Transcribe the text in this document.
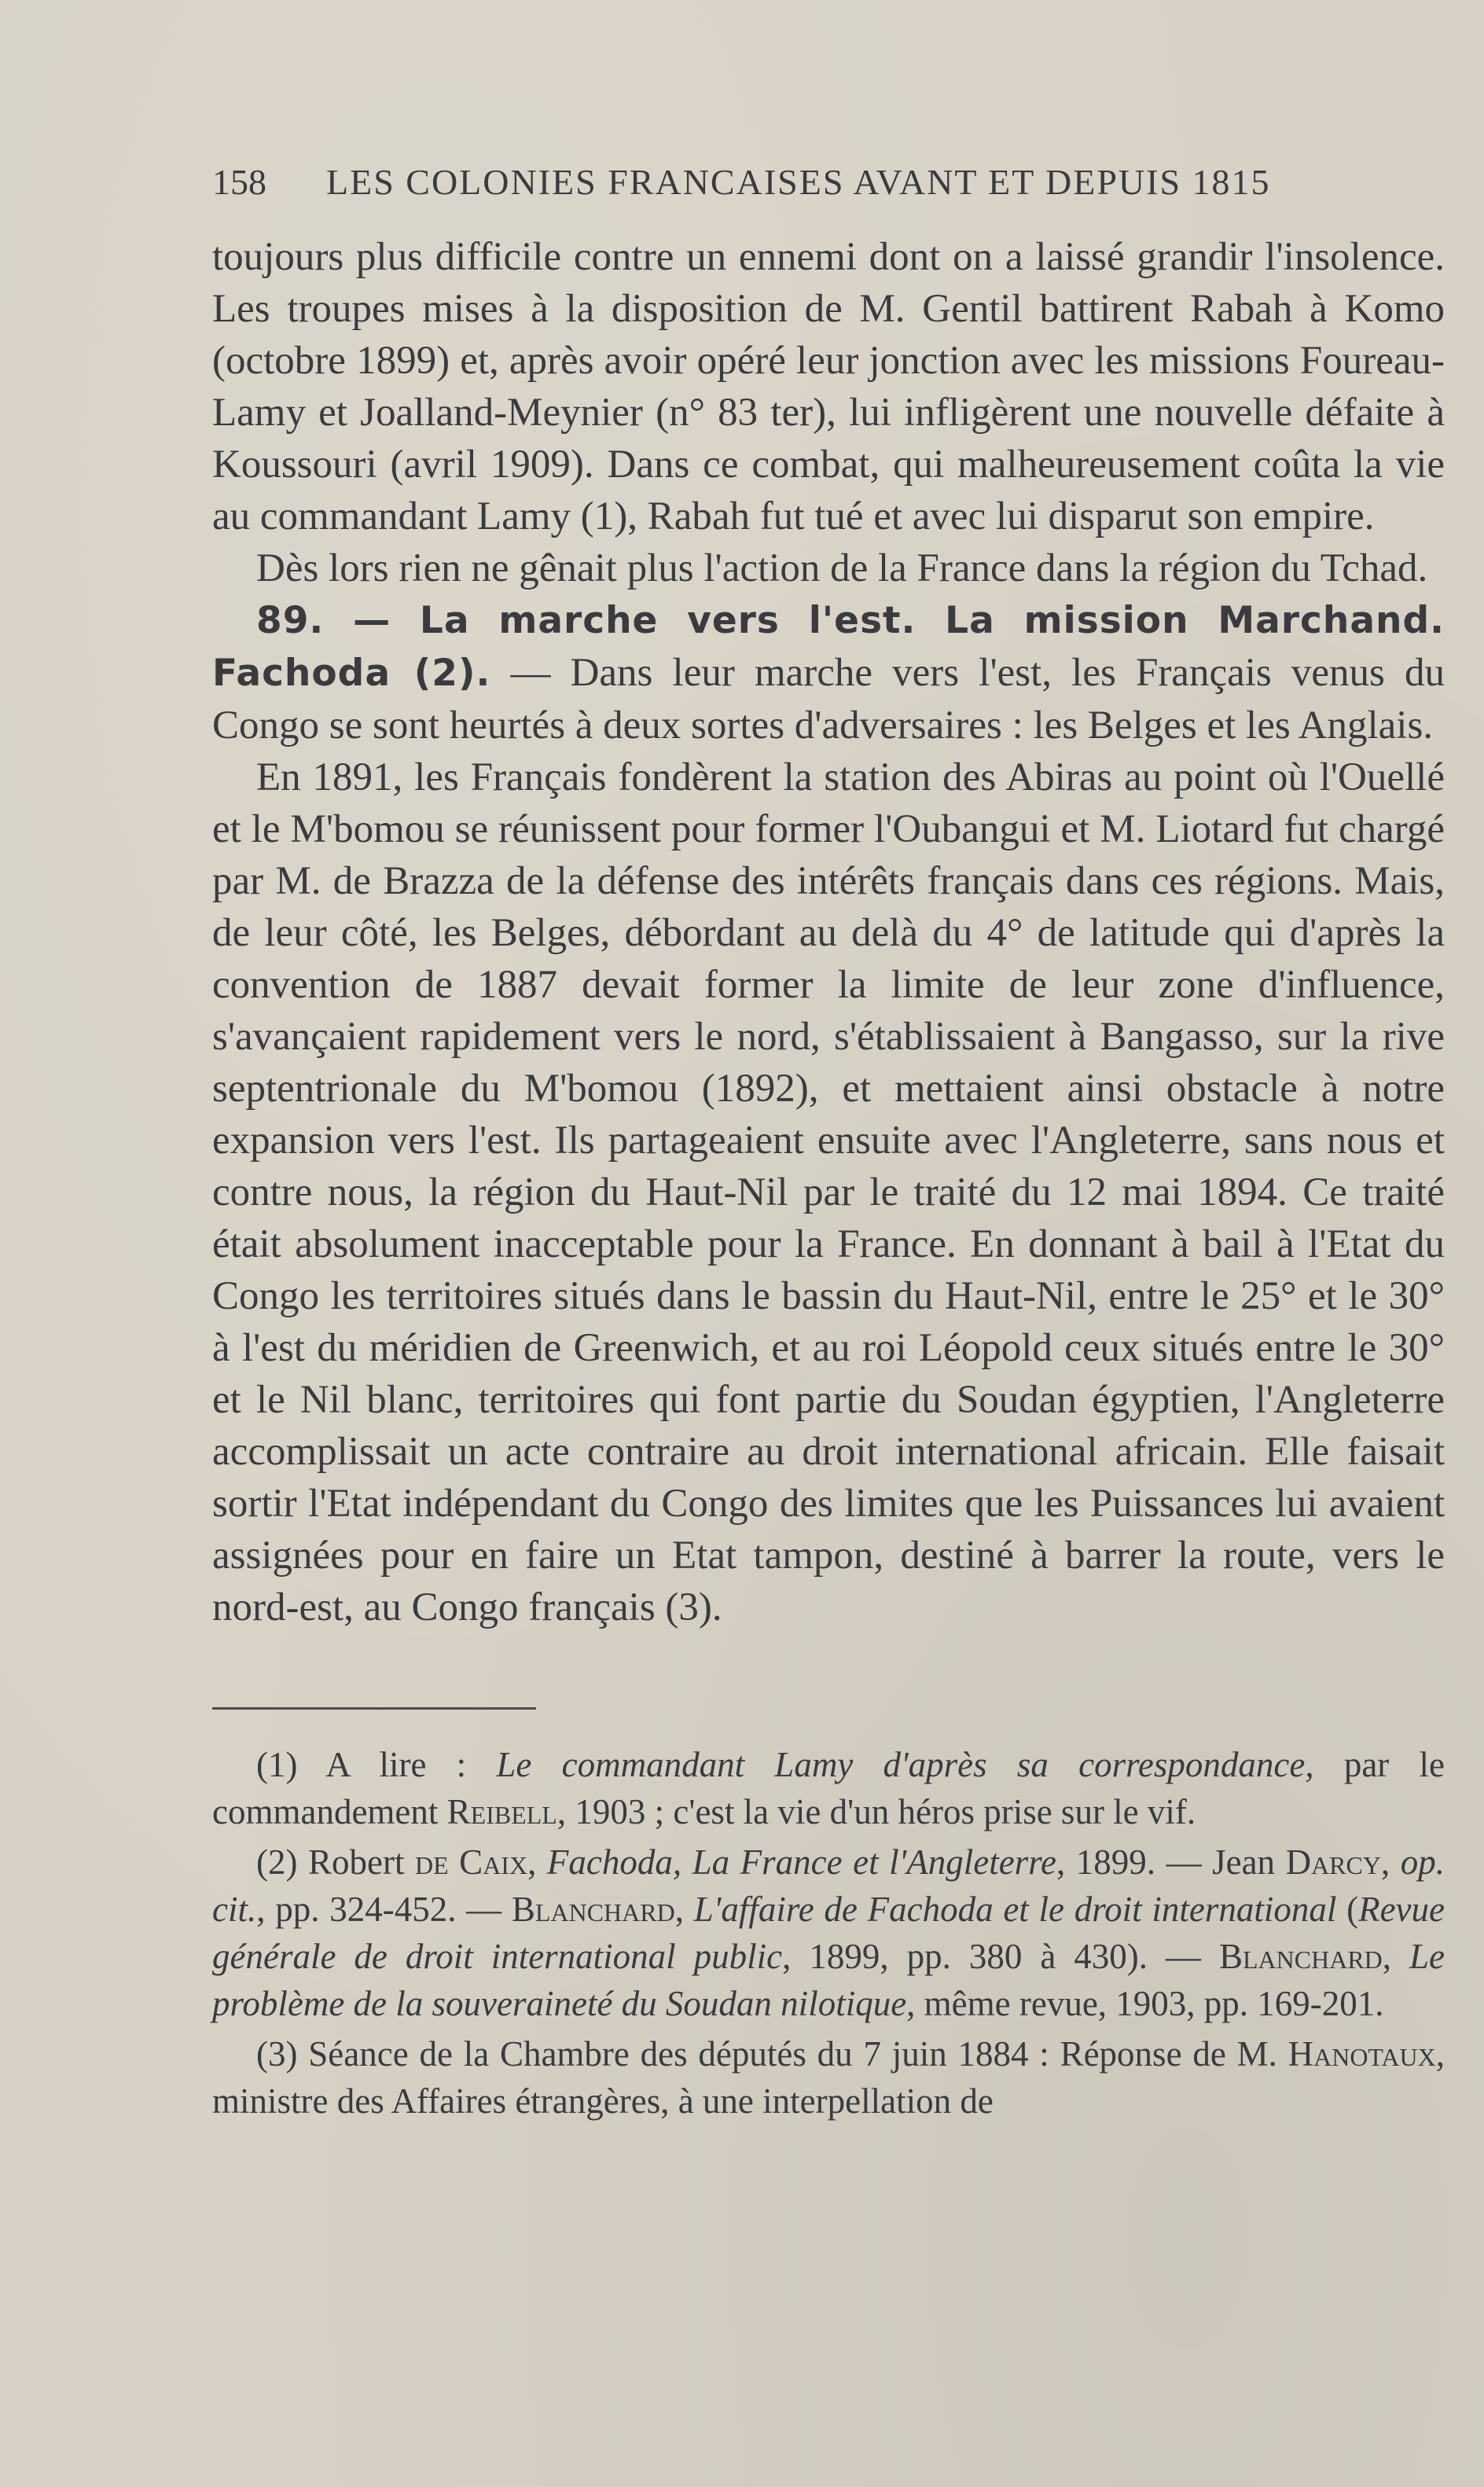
158 LES COLONIES FRANCAISES AVANT ET DEPUIS 1815

toujours plus difficile contre un ennemi dont on a laissé grandir l'insolence. Les troupes mises à la disposition de M. Gentil battirent Rabah à Komo (octobre 1899) et, après avoir opéré leur jonction avec les missions Foureau-Lamy et Joalland-Meynier (n° 83 ter), lui infligèrent une nouvelle défaite à Koussouri (avril 1909). Dans ce combat, qui malheureusement coûta la vie au commandant Lamy (1), Rabah fut tué et avec lui disparut son empire.

Dès lors rien ne gênait plus l'action de la France dans la région du Tchad.

89. — La marche vers l'est. La mission Marchand. Fachoda (2). — Dans leur marche vers l'est, les Français venus du Congo se sont heurtés à deux sortes d'adversaires : les Belges et les Anglais.

En 1891, les Français fondèrent la station des Abiras au point où l'Ouellé et le M'bomou se réunissent pour former l'Oubangui et M. Liotard fut chargé par M. de Brazza de la défense des intérêts français dans ces régions. Mais, de leur côté, les Belges, débordant au delà du 4° de latitude qui d'après la convention de 1887 devait former la limite de leur zone d'influence, s'avançaient rapidement vers le nord, s'établissaient à Bangasso, sur la rive septentrionale du M'bomou (1892), et mettaient ainsi obstacle à notre expansion vers l'est. Ils partageaient ensuite avec l'Angleterre, sans nous et contre nous, la région du Haut-Nil par le traité du 12 mai 1894. Ce traité était absolument inacceptable pour la France. En donnant à bail à l'Etat du Congo les territoires situés dans le bassin du Haut-Nil, entre le 25° et le 30° à l'est du méridien de Greenwich, et au roi Léopold ceux situés entre le 30° et le Nil blanc, territoires qui font partie du Soudan égyptien, l'Angleterre accomplissait un acte contraire au droit international africain. Elle faisait sortir l'Etat indépendant du Congo des limites que les Puissances lui avaient assignées pour en faire un Etat tampon, destiné à barrer la route, vers le nord-est, au Congo français (3).

(1) A lire : Le commandant Lamy d'après sa correspondance, par le commandement Reibell, 1903 ; c'est la vie d'un héros prise sur le vif.

(2) Robert de Caix, Fachoda, La France et l'Angleterre, 1899. — Jean Darcy, op. cit., pp. 324-452. — Blanchard, L'affaire de Fachoda et le droit international (Revue générale de droit international public, 1899, pp. 380 à 430). — Blanchard, Le problème de la souveraineté du Soudan nilotique, même revue, 1903, pp. 169-201.

(3) Séance de la Chambre des députés du 7 juin 1884 : Réponse de M. Hanotaux, ministre des Affaires étrangères, à une interpellation de
